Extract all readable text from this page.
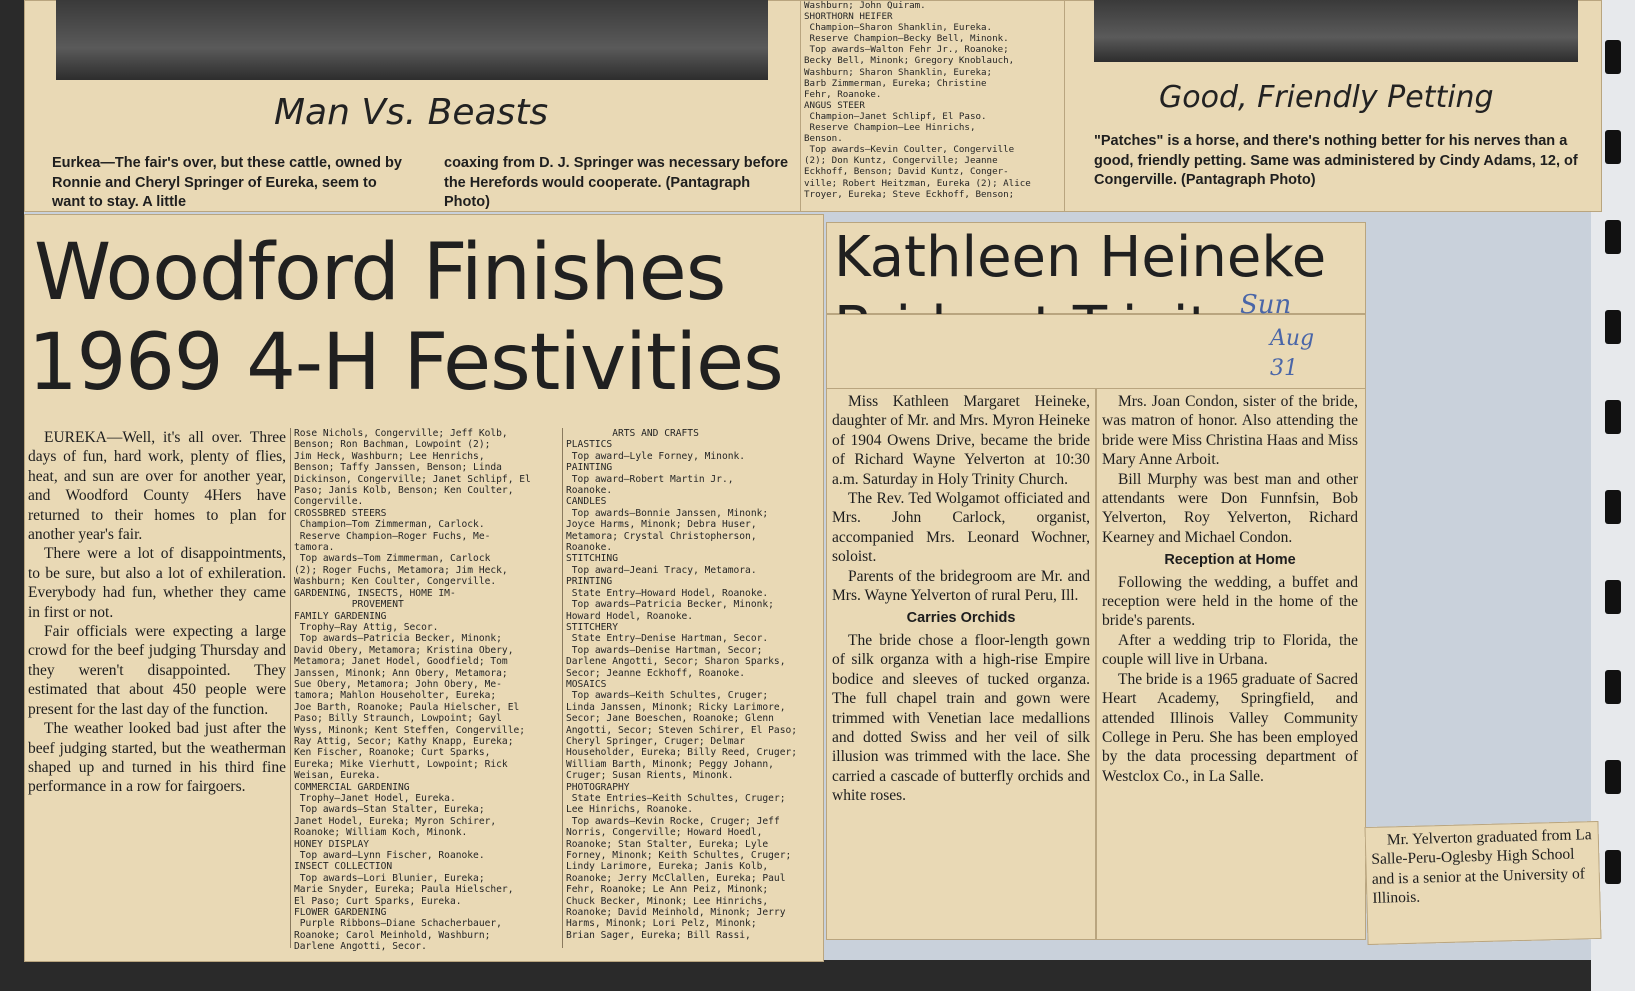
Man Vs. Beasts

Eurkea—The fair's over, but these cattle, owned by Ronnie and Cheryl Springer of Eureka, seem to want to stay. A little

coaxing from D. J. Springer was necessary before the Herefords would cooperate. (Pantagraph Photo)

Washburn; John Quiram.
SHORTHORN HEIFER
Champion—Sharon Shanklin, Eureka.
Reserve Champion—Becky Bell, Minonk.
Top awards—Walton Fehr Jr., Roanoke;
Becky Bell, Minonk; Gregory Knoblauch,
Washburn; Sharon Shanklin, Eureka;
Barb Zimmerman, Eureka; Christine
Fehr, Roanoke.
ANGUS STEER
Champion—Janet Schlipf, El Paso.
Reserve Champion—Lee Hinrichs,
Benson.
Top awards—Kevin Coulter, Congerville
(2); Don Kuntz, Congerville; Jeanne
Eckhoff, Benson; David Kuntz, Conger-
ville; Robert Heitzman, Eureka (2); Alice
Troyer, Eureka; Steve Eckhoff, Benson;
Good, Friendly Petting

"Patches" is a horse, and there's nothing better for his nerves than a good, friendly petting. Same was administered by Cindy Adams, 12, of Congerville. (Pantagraph Photo)

Woodford Finishes
1969 4-H Festivities

EUREKA—Well, it's all over. Three days of fun, hard work, plenty of flies, heat, and sun are over for another year, and Woodford County 4Hers have returned to their homes to plan for another year's fair.

There were a lot of disappointments, to be sure, but also a lot of exhileration. Everybody had fun, whether they came in first or not.

Fair officials were expecting a large crowd for the beef judging Thursday and they weren't disappointed. They estimated that about 450 people were present for the last day of the function.

The weather looked bad just after the beef judging started, but the weatherman shaped up and turned in his third fine performance in a row for fairgoers.

Rose Nichols, Congerville; Jeff Kolb,
Benson; Ron Bachman, Lowpoint (2);
Jim Heck, Washburn; Lee Henrichs,
Benson; Taffy Janssen, Benson; Linda
Dickinson, Congerville; Janet Schlipf, El
Paso; Janis Kolb, Benson; Ken Coulter,
Congerville.
CROSSBRED STEERS
Champion—Tom Zimmerman, Carlock.
Reserve Champion—Roger Fuchs, Me-
tamora.
Top awards—Tom Zimmerman, Carlock
(2); Roger Fuchs, Metamora; Jim Heck,
Washburn; Ken Coulter, Congerville.
GARDENING, INSECTS, HOME IM-
PROVEMENT
FAMILY GARDENING
Trophy—Ray Attig, Secor.
Top awards—Patricia Becker, Minonk;
David Obery, Metamora; Kristina Obery,
Metamora; Janet Hodel, Goodfield; Tom
Janssen, Minonk; Ann Obery, Metamora;
Sue Obery, Metamora; John Obery, Me-
tamora; Mahlon Householter, Eureka;
Joe Barth, Roanoke; Paula Hielscher, El
Paso; Billy Straunch, Lowpoint; Gayl
Wyss, Minonk; Kent Steffen, Congerville;
Ray Attig, Secor; Kathy Knapp, Eureka;
Ken Fischer, Roanoke; Curt Sparks,
Eureka; Mike Vierhutt, Lowpoint; Rick
Weisan, Eureka.
COMMERCIAL GARDENING
Trophy—Janet Hodel, Eureka.
Top awards—Stan Stalter, Eureka;
Janet Hodel, Eureka; Myron Schirer,
Roanoke; William Koch, Minonk.
HONEY DISPLAY
Top award—Lynn Fischer, Roanoke.
INSECT COLLECTION
Top awards—Lori Blunier, Eureka;
Marie Snyder, Eureka; Paula Hielscher,
El Paso; Curt Sparks, Eureka.
FLOWER GARDENING
Purple Ribbons—Diane Schacherbauer,
Roanoke; Carol Meinhold, Washburn;
Darlene Angotti, Secor.
ARTS AND CRAFTS
PLASTICS
Top award—Lyle Forney, Minonk.
PAINTING
Top award—Robert Martin Jr.,
Roanoke.
CANDLES
Top awards—Bonnie Janssen, Minonk;
Joyce Harms, Minonk; Debra Huser,
Metamora; Crystal Christopherson,
Roanoke.
STITCHING
Top award—Jeani Tracy, Metamora.
PRINTING
State Entry—Howard Hodel, Roanoke.
Top awards—Patricia Becker, Minonk;
Howard Hodel, Roanoke.
STITCHERY
State Entry—Denise Hartman, Secor.
Top awards—Denise Hartman, Secor;
Darlene Angotti, Secor; Sharon Sparks,
Secor; Jeanne Eckhoff, Roanoke.
MOSAICS
Top awards—Keith Schultes, Cruger;
Linda Janssen, Minonk; Ricky Larimore,
Secor; Jane Boeschen, Roanoke; Glenn
Angotti, Secor; Steven Schirer, El Paso;
Cheryl Springer, Cruger; Delmar
Householder, Eureka; Billy Reed, Cruger;
William Barth, Minonk; Peggy Johann,
Cruger; Susan Rients, Minonk.
PHOTOGRAPHY
State Entries—Keith Schultes, Cruger;
Lee Hinrichs, Roanoke.
Top awards—Kevin Rocke, Cruger; Jeff
Norris, Congerville; Howard Hoedl,
Roanoke; Stan Stalter, Eureka; Lyle
Forney, Minonk; Keith Schultes, Cruger;
Lindy Larimore, Eureka; Janis Kolb,
Roanoke; Jerry McClallen, Eureka; Paul
Fehr, Roanoke; Le Ann Peiz, Minonk;
Chuck Becker, Minonk; Lee Hinrichs,
Roanoke; David Meinhold, Minonk; Jerry
Harms, Minonk; Lori Pelz, Minonk;
Brian Sager, Eureka; Bill Rassi,
Kathleen Heineke
Sun
Aug
31

Miss Kathleen Margaret Heineke, daughter of Mr. and Mrs. Myron Heineke of 1904 Owens Drive, became the bride of Richard Wayne Yelverton at 10:30 a.m. Saturday in Holy Trinity Church.

The Rev. Ted Wolgamot officiated and Mrs. John Carlock, organist, accompanied Mrs. Leonard Wochner, soloist.

Parents of the bridegroom are Mr. and Mrs. Wayne Yelverton of rural Peru, Ill.

Carries Orchids

The bride chose a floor-length gown of silk organza with a high-rise Empire bodice and sleeves of tucked organza. The full chapel train and gown were trimmed with Venetian lace medallions and dotted Swiss and her veil of silk illusion was trimmed with the lace. She carried a cascade of butterfly orchids and white roses.

Mrs. Joan Condon, sister of the bride, was matron of honor. Also attending the bride were Miss Christina Haas and Miss Mary Anne Arboit.

Bill Murphy was best man and other attendants were Don Funnfsin, Bob Yelverton, Roy Yelverton, Richard Kearney and Michael Condon.

Reception at Home

Following the wedding, a buffet and reception were held in the home of the bride's parents.

After a wedding trip to Florida, the couple will live in Urbana.

The bride is a 1965 graduate of Sacred Heart Academy, Springfield, and attended Illinois Valley Community College in Peru. She has been employed by the data processing department of Westclox Co., in La Salle.

Mr. Yelverton graduated from La Salle-Peru-Oglesby High School and is a senior at the University of Illinois.
